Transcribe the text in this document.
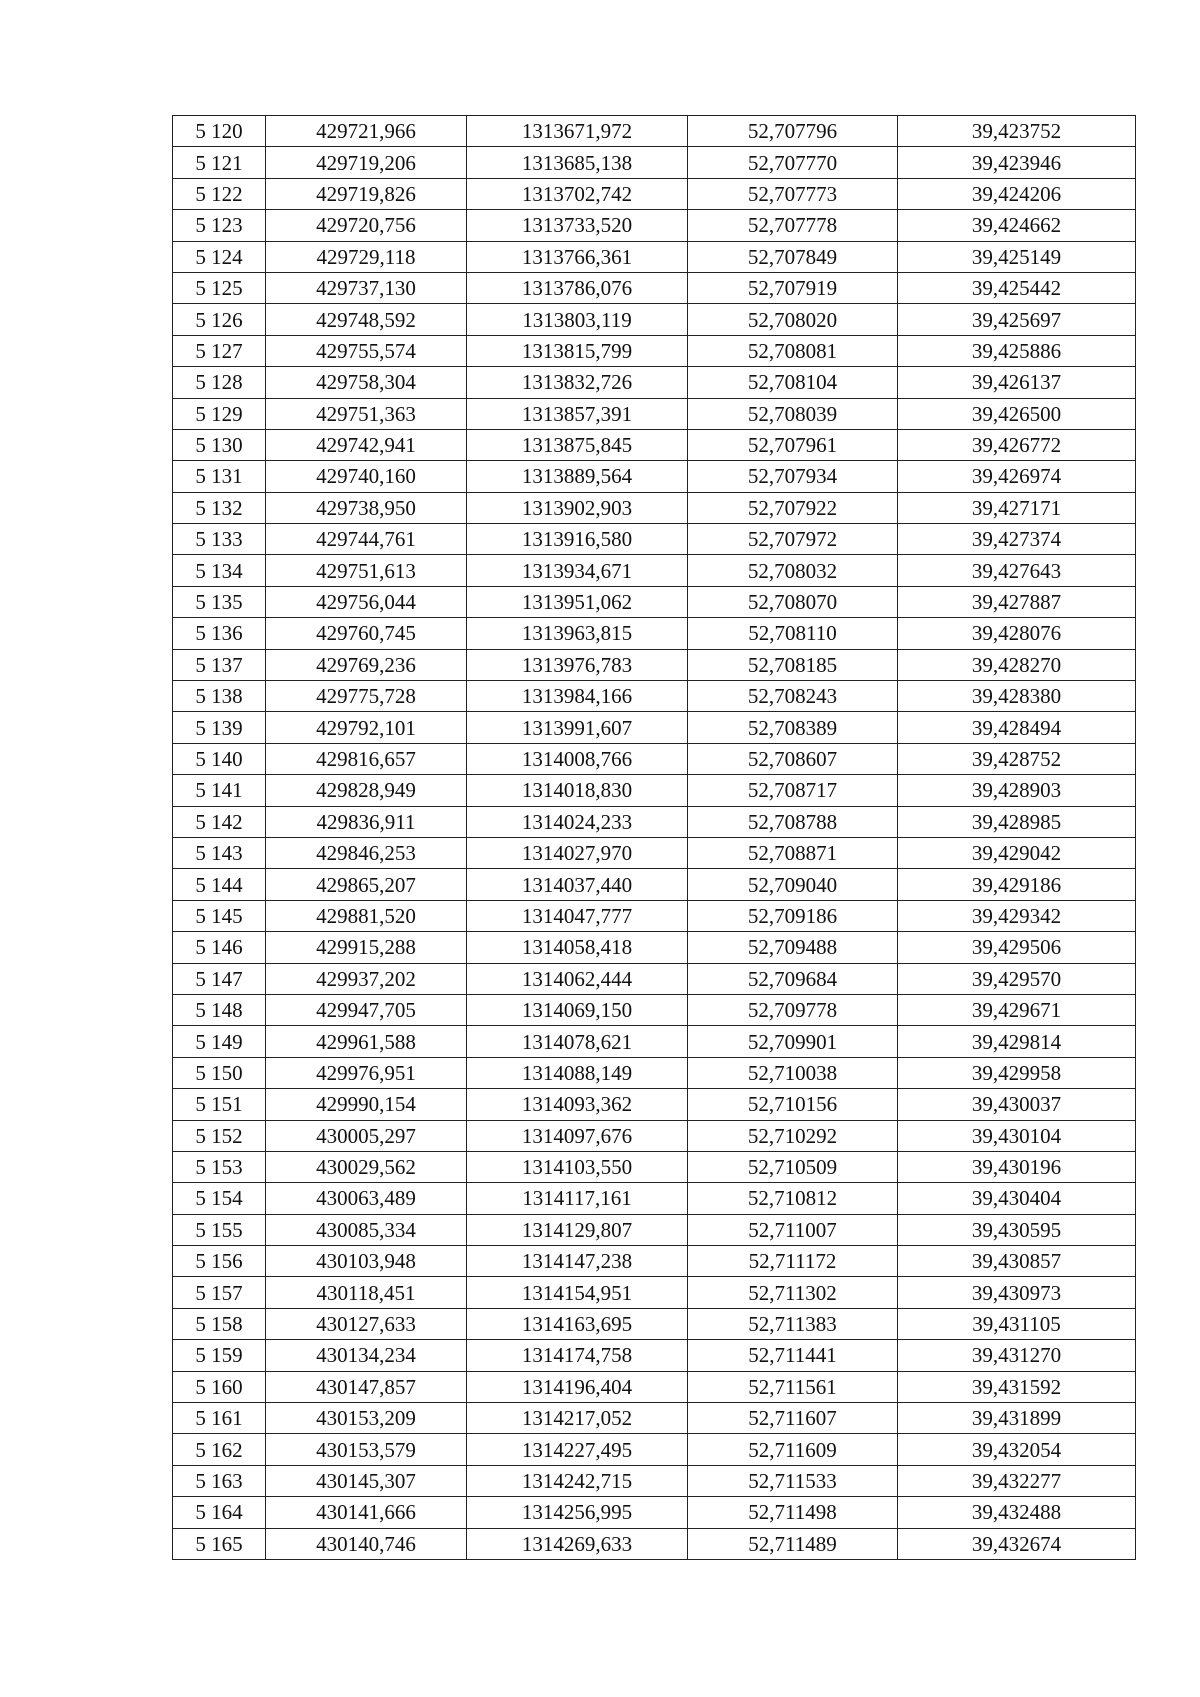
5 120	429721,966	1313671,972	52,707796	39,423752
5 121	429719,206	1313685,138	52,707770	39,423946
5 122	429719,826	1313702,742	52,707773	39,424206
5 123	429720,756	1313733,520	52,707778	39,424662
5 124	429729,118	1313766,361	52,707849	39,425149
5 125	429737,130	1313786,076	52,707919	39,425442
5 126	429748,592	1313803,119	52,708020	39,425697
5 127	429755,574	1313815,799	52,708081	39,425886
5 128	429758,304	1313832,726	52,708104	39,426137
5 129	429751,363	1313857,391	52,708039	39,426500
5 130	429742,941	1313875,845	52,707961	39,426772
5 131	429740,160	1313889,564	52,707934	39,426974
5 132	429738,950	1313902,903	52,707922	39,427171
5 133	429744,761	1313916,580	52,707972	39,427374
5 134	429751,613	1313934,671	52,708032	39,427643
5 135	429756,044	1313951,062	52,708070	39,427887
5 136	429760,745	1313963,815	52,708110	39,428076
5 137	429769,236	1313976,783	52,708185	39,428270
5 138	429775,728	1313984,166	52,708243	39,428380
5 139	429792,101	1313991,607	52,708389	39,428494
5 140	429816,657	1314008,766	52,708607	39,428752
5 141	429828,949	1314018,830	52,708717	39,428903
5 142	429836,911	1314024,233	52,708788	39,428985
5 143	429846,253	1314027,970	52,708871	39,429042
5 144	429865,207	1314037,440	52,709040	39,429186
5 145	429881,520	1314047,777	52,709186	39,429342
5 146	429915,288	1314058,418	52,709488	39,429506
5 147	429937,202	1314062,444	52,709684	39,429570
5 148	429947,705	1314069,150	52,709778	39,429671
5 149	429961,588	1314078,621	52,709901	39,429814
5 150	429976,951	1314088,149	52,710038	39,429958
5 151	429990,154	1314093,362	52,710156	39,430037
5 152	430005,297	1314097,676	52,710292	39,430104
5 153	430029,562	1314103,550	52,710509	39,430196
5 154	430063,489	1314117,161	52,710812	39,430404
5 155	430085,334	1314129,807	52,711007	39,430595
5 156	430103,948	1314147,238	52,711172	39,430857
5 157	430118,451	1314154,951	52,711302	39,430973
5 158	430127,633	1314163,695	52,711383	39,431105
5 159	430134,234	1314174,758	52,711441	39,431270
5 160	430147,857	1314196,404	52,711561	39,431592
5 161	430153,209	1314217,052	52,711607	39,431899
5 162	430153,579	1314227,495	52,711609	39,432054
5 163	430145,307	1314242,715	52,711533	39,432277
5 164	430141,666	1314256,995	52,711498	39,432488
5 165	430140,746	1314269,633	52,711489	39,432674
